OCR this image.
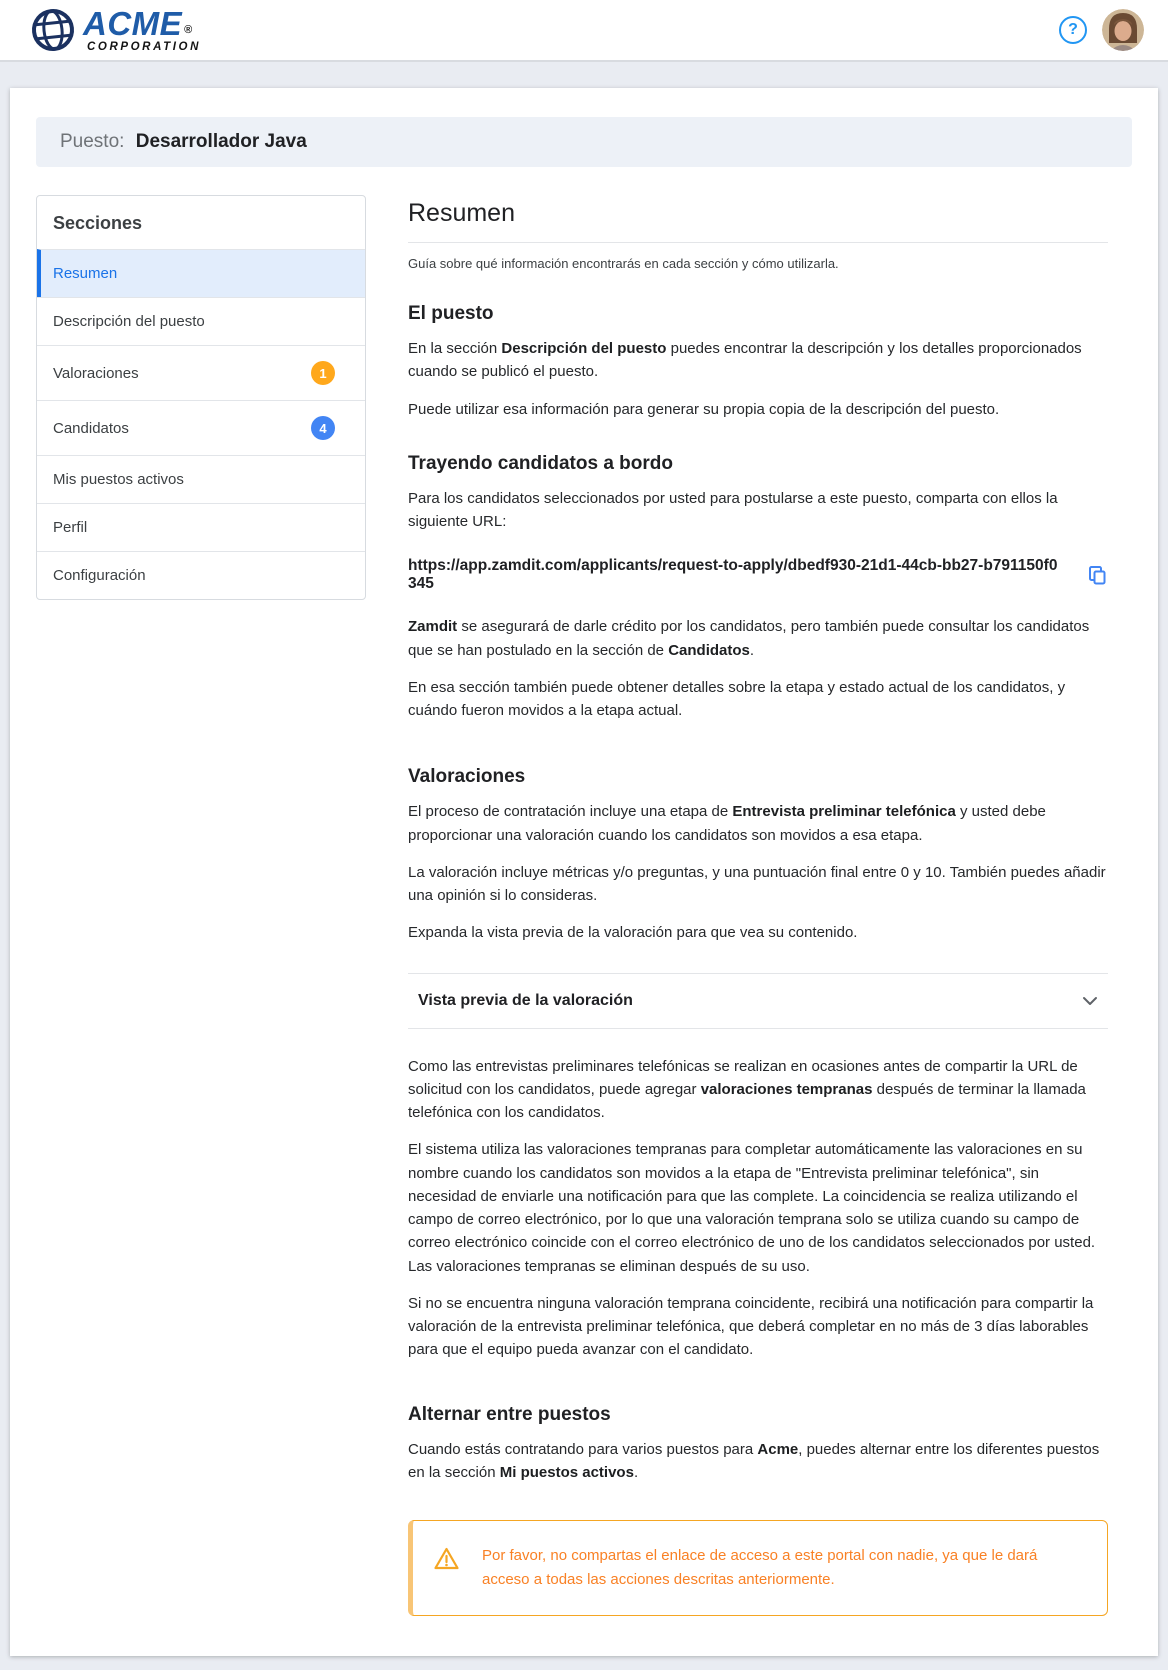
ACME ®
CORPORATION
?
Puesto: Desarrollador Java
Secciones
Resumen
Descripción del puesto
Valoraciones	1
Candidatos	4
Mis puestos activos
Perfil
Configuración
Resumen

Guía sobre qué información encontrarás en cada sección y cómo utilizarla.

El puesto

En la sección Descripción del puesto puedes encontrar la descripción y los detalles proporcionados cuando se publicó el puesto.

Puede utilizar esa información para generar su propia copia de la descripción del puesto.

Trayendo candidatos a bordo

Para los candidatos seleccionados por usted para postularse a este puesto, comparta con ellos la siguiente URL:

https://app.zamdit.com/applicants/request-to-apply/dbedf930-21d1-44cb-bb27-b791150f0345

Zamdit se asegurará de darle crédito por los candidatos, pero también puede consultar los candidatos que se han postulado en la sección de Candidatos.

En esa sección también puede obtener detalles sobre la etapa y estado actual de los candidatos, y cuándo fueron movidos a la etapa actual.

Valoraciones

El proceso de contratación incluye una etapa de Entrevista preliminar telefónica y usted debe proporcionar una valoración cuando los candidatos son movidos a esa etapa.

La valoración incluye métricas y/o preguntas, y una puntuación final entre 0 y 10. También puedes añadir una opinión si lo consideras.

Expanda la vista previa de la valoración para que vea su contenido.

Vista previa de la valoración

Como las entrevistas preliminares telefónicas se realizan en ocasiones antes de compartir la URL de solicitud con los candidatos, puede agregar valoraciones tempranas después de terminar la llamada telefónica con los candidatos.

El sistema utiliza las valoraciones tempranas para completar automáticamente las valoraciones en su nombre cuando los candidatos son movidos a la etapa de "Entrevista preliminar telefónica", sin necesidad de enviarle una notificación para que las complete. La coincidencia se realiza utilizando el campo de correo electrónico, por lo que una valoración temprana solo se utiliza cuando su campo de correo electrónico coincide con el correo electrónico de uno de los candidatos seleccionados por usted. Las valoraciones tempranas se eliminan después de su uso.

Si no se encuentra ninguna valoración temprana coincidente, recibirá una notificación para compartir la valoración de la entrevista preliminar telefónica, que deberá completar en no más de 3 días laborables para que el equipo pueda avanzar con el candidato.

Alternar entre puestos

Cuando estás contratando para varios puestos para Acme, puedes alternar entre los diferentes puestos en la sección Mi puestos activos.

Por favor, no compartas el enlace de acceso a este portal con nadie, ya que le dará acceso a todas las acciones descritas anteriormente.
